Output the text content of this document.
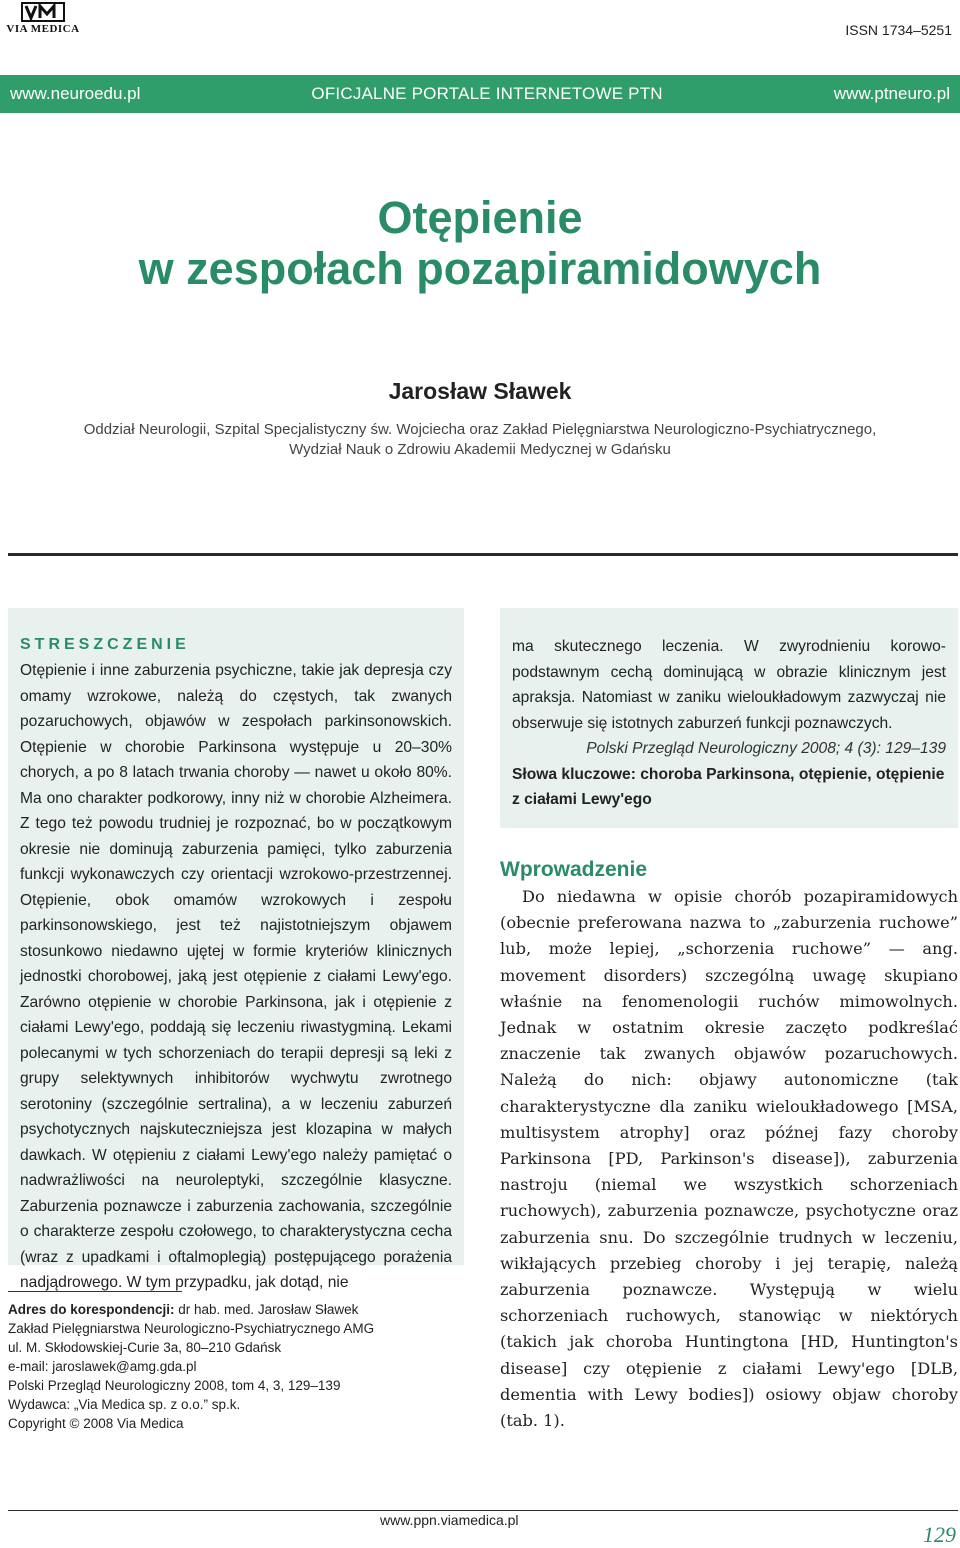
VIA MEDICA	ISSN 1734–5251
www.neuroedu.pl	OFICJALNE PORTALE INTERNETOWE PTN	www.ptneuro.pl
Otępienie
w zespołach pozapiramidowych
Jarosław Sławek
Oddział Neurologii, Szpital Specjalistyczny św. Wojciecha oraz Zakład Pielęgniarstwa Neurologiczno-Psychiatrycznego,
Wydział Nauk o Zdrowiu Akademii Medycznej w Gdańsku
STRESZCZENIE

Otępienie i inne zaburzenia psychiczne, takie jak depresja czy omamy wzrokowe, należą do częstych, tak zwanych pozaruchowych, objawów w zespołach parkinsonowskich. Otępienie w chorobie Parkinsona występuje u 20–30% chorych, a po 8 latach trwania choroby — nawet u około 80%. Ma ono charakter podkorowy, inny niż w chorobie Alzheimera. Z tego też powodu trudniej je rozpoznać, bo w początkowym okresie nie dominują zaburzenia pamięci, tylko zaburzenia funkcji wykonawczych czy orientacji wzrokowo-przestrzennej. Otępienie, obok omamów wzrokowych i zespołu parkinsonowskiego, jest też najistotniejszym objawem stosunkowo niedawno ujętej w formie kryteriów klinicznych jednostki chorobowej, jaką jest otępienie z ciałami Lewy'ego. Zarówno otępienie w chorobie Parkinsona, jak i otępienie z ciałami Lewy'ego, poddają się leczeniu riwastygminą. Lekami polecanymi w tych schorzeniach do terapii depresji są leki z grupy selektywnych inhibitorów wychwytu zwrotnego serotoniny (szczególnie sertralina), a w leczeniu zaburzeń psychotycznych najskuteczniejsza jest klozapina w małych dawkach. W otępieniu z ciałami Lewy'ego należy pamiętać o nadwrażliwości na neuroleptyki, szczególnie klasyczne. Zaburzenia poznawcze i zaburzenia zachowania, szczególnie o charakterze zespołu czołowego, to charakterystyczna cecha (wraz z upadkami i oftalmoplegią) postępującego porażenia nadjądrowego. W tym przypadku, jak dotąd, nie

ma skutecznego leczenia. W zwyrodnieniu korowo-podstawnym cechą dominującą w obrazie klinicznym jest apraksja. Natomiast w zaniku wieloukładowym zazwyczaj nie obserwuje się istotnych zaburzeń funkcji poznawczych.

Polski Przegląd Neurologiczny 2008; 4 (3): 129–139

Słowa kluczowe: choroba Parkinsona, otępienie, otępienie

z ciałami Lewy'ego

Adres do korespondencji: dr hab. med. Jarosław Sławek
Zakład Pielęgniarstwa Neurologiczno-Psychiatrycznego AMG
ul. M. Skłodowskiej-Curie 3a, 80–210 Gdańsk
e-mail: jaroslawek@amg.gda.pl
Polski Przegląd Neurologiczny 2008, tom 4, 3, 129–139
Wydawca: „Via Medica sp. z o.o.” sp.k.
Copyright © 2008 Via Medica
Wprowadzenie

Do niedawna w opisie chorób pozapiramidowych (obecnie preferowana nazwa to „zaburzenia ruchowe” lub, może lepiej, „schorzenia ruchowe” — ang. movement disorders) szczególną uwagę skupiano właśnie na fenomenologii ruchów mimowolnych. Jednak w ostatnim okresie zaczęto podkreślać znaczenie tak zwanych objawów pozaruchowych. Należą do nich: objawy autonomiczne (tak charakterystyczne dla zaniku wieloukładowego [MSA, multisystem atrophy] oraz późnej fazy choroby Parkinsona [PD, Parkinson's disease]), zaburzenia nastroju (niemal we wszystkich schorzeniach ruchowych), zaburzenia poznawcze, psychotyczne oraz zaburzenia snu. Do szczególnie trudnych w leczeniu, wikłających przebieg choroby i jej terapię, należą zaburzenia poznawcze. Występują w wielu schorzeniach ruchowych, stanowiąc w niektórych (takich jak choroba Huntingtona [HD, Huntington's disease] czy otępienie z ciałami Lewy'ego [DLB, dementia with Lewy bodies]) osiowy objaw choroby (tab. 1).

www.ppn.viamedica.pl
129
